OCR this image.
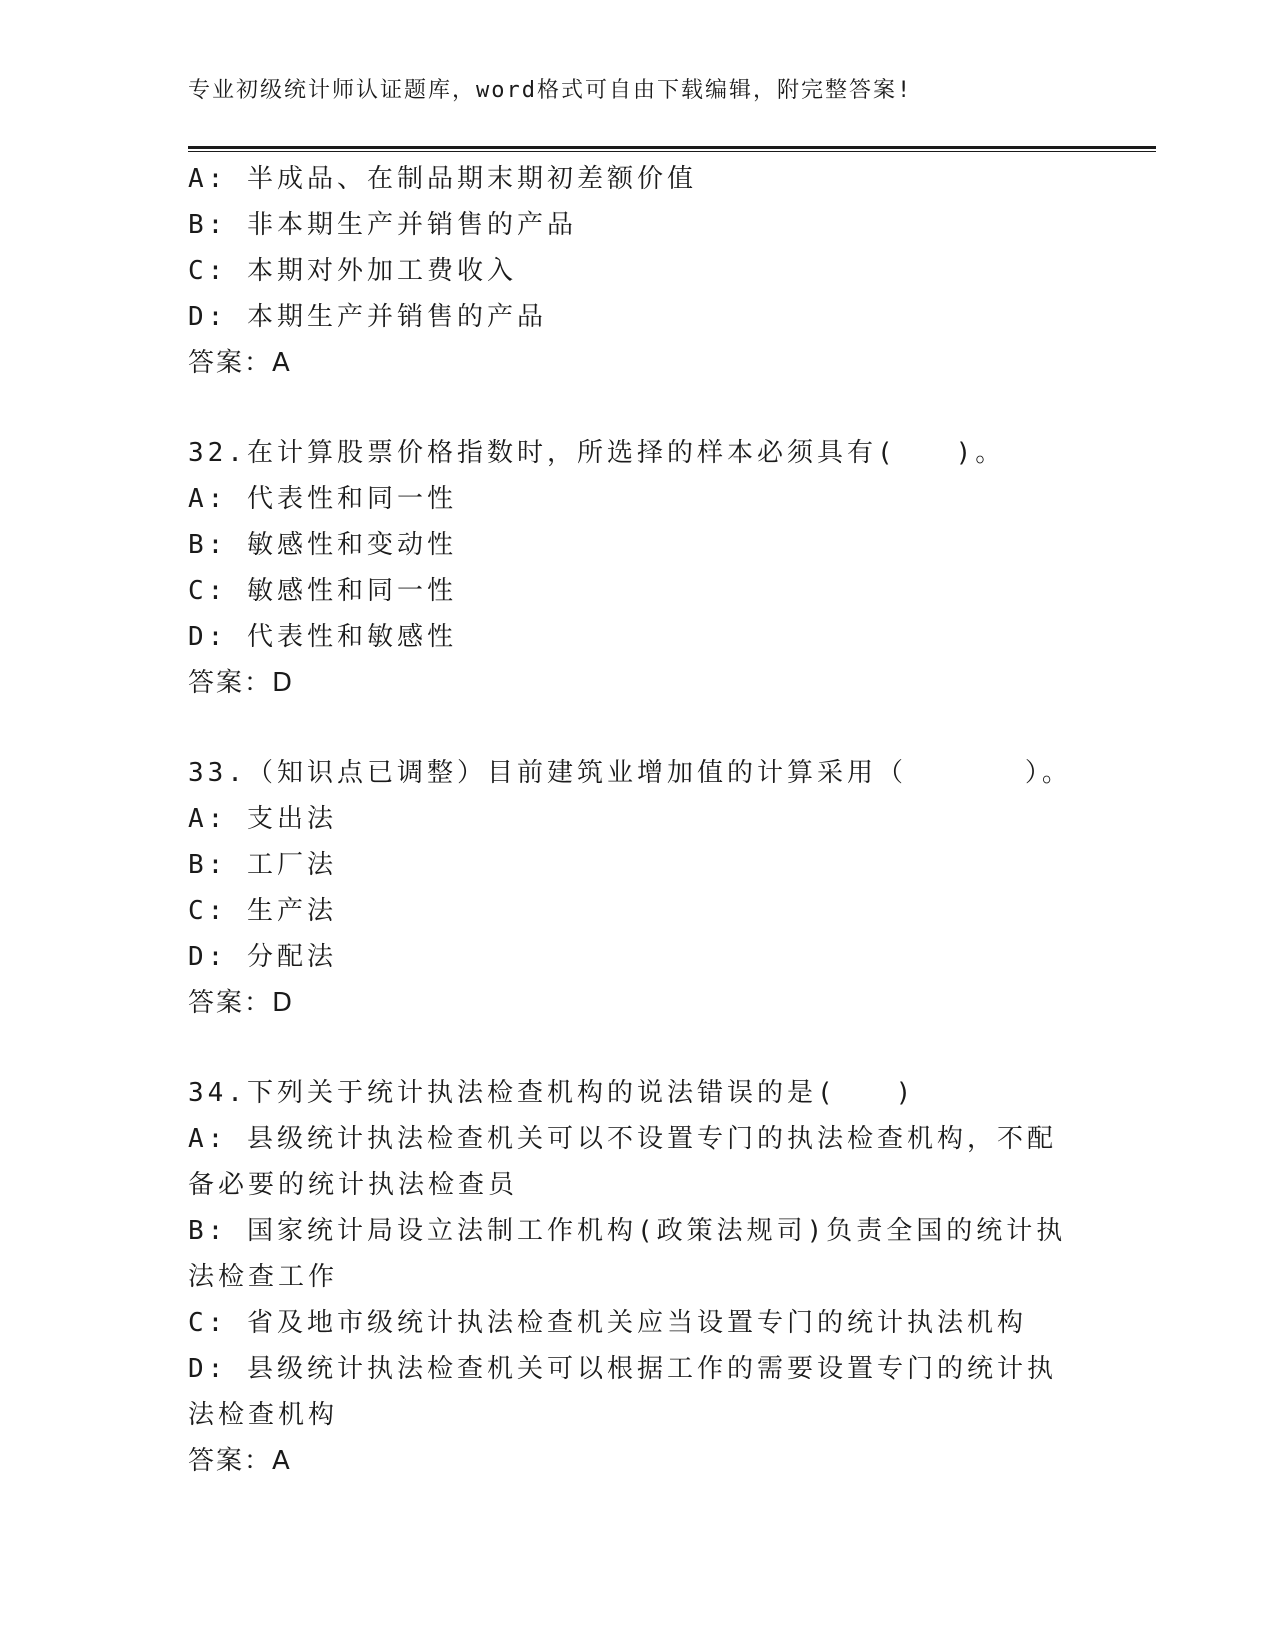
专业初级统计师认证题库，word格式可自由下载编辑，附完整答案!

A: 半成品、在制品期末期初差额价值

B: 非本期生产并销售的产品

C: 本期对外加工费收入

D: 本期生产并销售的产品

答案：A

32.在计算股票价格指数时，所选择的样本必须具有(   )。

A: 代表性和同一性

B: 敏感性和变动性

C: 敏感性和同一性

D: 代表性和敏感性

答案：D

33.（知识点已调整）目前建筑业增加值的计算采用（      ）。

A: 支出法

B: 工厂法

C: 生产法

D: 分配法

答案：D

34.下列关于统计执法检查机构的说法错误的是(   )

A: 县级统计执法检查机关可以不设置专门的执法检查机构，不配备必要的统计执法检查员

B: 国家统计局设立法制工作机构(政策法规司)负责全国的统计执法检查工作

C: 省及地市级统计执法检查机关应当设置专门的统计执法机构

D: 县级统计执法检查机关可以根据工作的需要设置专门的统计执法检查机构

答案：A
